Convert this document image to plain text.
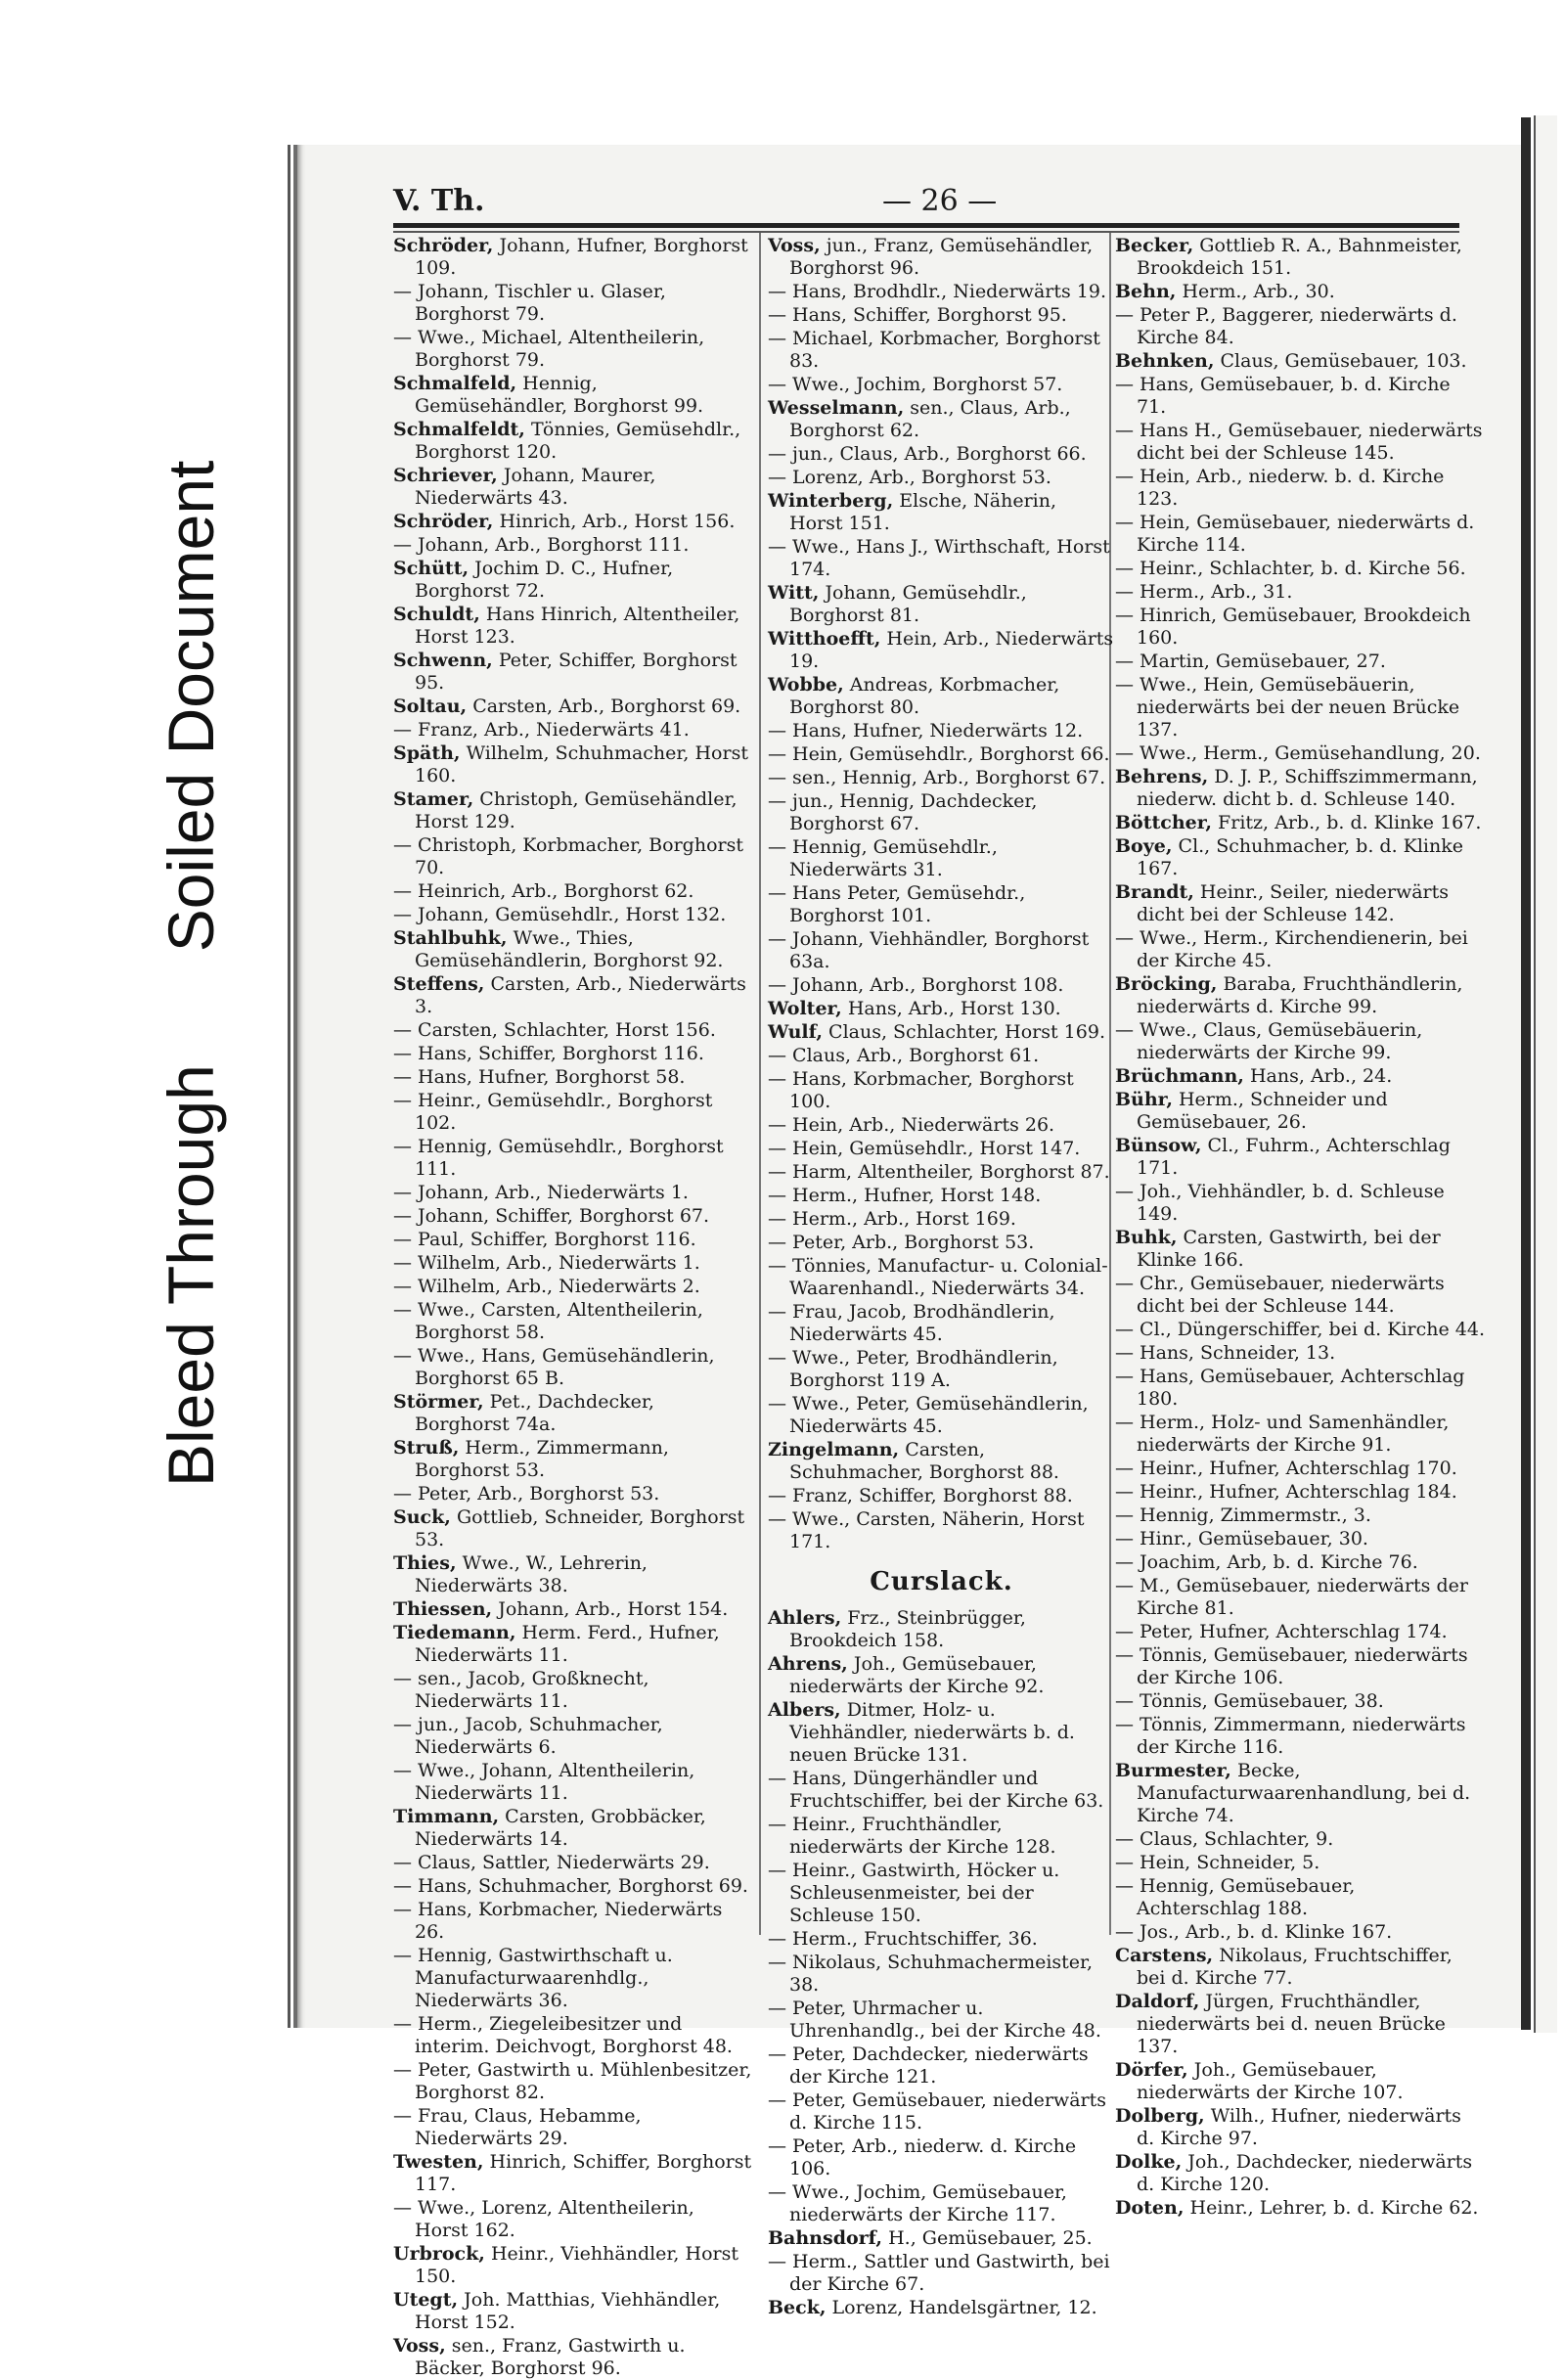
Bleed Through
Soiled Document
V. Th.	— 26 —
Schröder, Johann, Hufner, Borghorst 109.
— Johann, Tischler u. Glaser, Borghorst 79.
— Wwe., Michael, Altentheilerin, Borghorst 79.
Schmalfeld, Hennig, Gemüsehändler, Borghorst 99.
Schmalfeldt, Tönnies, Gemüsehdlr., Borghorst 120.
Schriever, Johann, Maurer, Niederwärts 43.
Schröder, Hinrich, Arb., Horst 156.
— Johann, Arb., Borghorst 111.
Schütt, Jochim D. C., Hufner, Borghorst 72.
Schuldt, Hans Hinrich, Altentheiler, Horst 123.
Schwenn, Peter, Schiffer, Borghorst 95.
Soltau, Carsten, Arb., Borghorst 69.
— Franz, Arb., Niederwärts 41.
Späth, Wilhelm, Schuhmacher, Horst 160.
Stamer, Christoph, Gemüsehändler, Horst 129.
— Christoph, Korbmacher, Borghorst 70.
— Heinrich, Arb., Borghorst 62.
— Johann, Gemüsehdlr., Horst 132.
Stahlbuhk, Wwe., Thies, Gemüsehändlerin, Borghorst 92.
Steffens, Carsten, Arb., Niederwärts 3.
— Carsten, Schlachter, Horst 156.
— Hans, Schiffer, Borghorst 116.
— Hans, Hufner, Borghorst 58.
— Heinr., Gemüsehdlr., Borghorst 102.
— Hennig, Gemüsehdlr., Borghorst 111.
— Johann, Arb., Niederwärts 1.
— Johann, Schiffer, Borghorst 67.
— Paul, Schiffer, Borghorst 116.
— Wilhelm, Arb., Niederwärts 1.
— Wilhelm, Arb., Niederwärts 2.
— Wwe., Carsten, Altentheilerin, Borghorst 58.
— Wwe., Hans, Gemüsehändlerin, Borghorst 65 B.
Störmer, Pet., Dachdecker, Borghorst 74a.
Struß, Herm., Zimmermann, Borghorst 53.
— Peter, Arb., Borghorst 53.
Suck, Gottlieb, Schneider, Borghorst 53.
Thies, Wwe., W., Lehrerin, Niederwärts 38.
Thiessen, Johann, Arb., Horst 154.
Tiedemann, Herm. Ferd., Hufner, Niederwärts 11.
— sen., Jacob, Großknecht, Niederwärts 11.
— jun., Jacob, Schuhmacher, Niederwärts 6.
— Wwe., Johann, Altentheilerin, Niederwärts 11.
Timmann, Carsten, Grobbäcker, Niederwärts 14.
— Claus, Sattler, Niederwärts 29.
— Hans, Schuhmacher, Borghorst 69.
— Hans, Korbmacher, Niederwärts 26.
— Hennig, Gastwirthschaft u. Manufacturwaarenhdlg., Niederwärts 36.
— Herm., Ziegeleibesitzer und interim. Deichvogt, Borghorst 48.
— Peter, Gastwirth u. Mühlenbesitzer, Borghorst 82.
— Frau, Claus, Hebamme, Niederwärts 29.
Twesten, Hinrich, Schiffer, Borghorst 117.
— Wwe., Lorenz, Altentheilerin, Horst 162.
Urbrock, Heinr., Viehhändler, Horst 150.
Utegt, Joh. Matthias, Viehhändler, Horst 152.
Voss, sen., Franz, Gastwirth u. Bäcker, Borghorst 96.
Voss, jun., Franz, Gemüsehändler, Borghorst 96.
— Hans, Brodhdlr., Niederwärts 19.
— Hans, Schiffer, Borghorst 95.
— Michael, Korbmacher, Borghorst 83.
— Wwe., Jochim, Borghorst 57.
Wesselmann, sen., Claus, Arb., Borghorst 62.
— jun., Claus, Arb., Borghorst 66.
— Lorenz, Arb., Borghorst 53.
Winterberg, Elsche, Näherin, Horst 151.
— Wwe., Hans J., Wirthschaft, Horst 174.
Witt, Johann, Gemüsehdlr., Borghorst 81.
Witthoefft, Hein, Arb., Niederwärts 19.
Wobbe, Andreas, Korbmacher, Borghorst 80.
— Hans, Hufner, Niederwärts 12.
— Hein, Gemüsehdlr., Borghorst 66.
— sen., Hennig, Arb., Borghorst 67.
— jun., Hennig, Dachdecker, Borghorst 67.
— Hennig, Gemüsehdlr., Niederwärts 31.
— Hans Peter, Gemüsehdr., Borghorst 101.
— Johann, Viehhändler, Borghorst 63a.
— Johann, Arb., Borghorst 108.
Wolter, Hans, Arb., Horst 130.
Wulf, Claus, Schlachter, Horst 169.
— Claus, Arb., Borghorst 61.
— Hans, Korbmacher, Borghorst 100.
— Hein, Arb., Niederwärts 26.
— Hein, Gemüsehdlr., Horst 147.
— Harm, Altentheiler, Borghorst 87.
— Herm., Hufner, Horst 148.
— Herm., Arb., Horst 169.
— Peter, Arb., Borghorst 53.
— Tönnies, Manufactur- u. Colonial-Waarenhandl., Niederwärts 34.
— Frau, Jacob, Brodhändlerin, Niederwärts 45.
— Wwe., Peter, Brodhändlerin, Borghorst 119 A.
— Wwe., Peter, Gemüsehändlerin, Niederwärts 45.
Zingelmann, Carsten, Schuhmacher, Borghorst 88.
— Franz, Schiffer, Borghorst 88.
— Wwe., Carsten, Näherin, Horst 171.
Curslack.
Ahlers, Frz., Steinbrügger, Brookdeich 158.
Ahrens, Joh., Gemüsebauer, niederwärts der Kirche 92.
Albers, Ditmer, Holz- u. Viehhändler, niederwärts b. d. neuen Brücke 131.
— Hans, Düngerhändler und Fruchtschiffer, bei der Kirche 63.
— Heinr., Fruchthändler, niederwärts der Kirche 128.
— Heinr., Gastwirth, Höcker u. Schleusenmeister, bei der Schleuse 150.
— Herm., Fruchtschiffer, 36.
— Nikolaus, Schuhmachermeister, 38.
— Peter, Uhrmacher u. Uhrenhandlg., bei der Kirche 48.
— Peter, Dachdecker, niederwärts der Kirche 121.
— Peter, Gemüsebauer, niederwärts d. Kirche 115.
— Peter, Arb., niederw. d. Kirche 106.
— Wwe., Jochim, Gemüsebauer, niederwärts der Kirche 117.
Bahnsdorf, H., Gemüsebauer, 25.
— Herm., Sattler und Gastwirth, bei der Kirche 67.
Beck, Lorenz, Handelsgärtner, 12.
Becker, Gottlieb R. A., Bahnmeister, Brookdeich 151.
Behn, Herm., Arb., 30.
— Peter P., Baggerer, niederwärts d. Kirche 84.
Behnken, Claus, Gemüsebauer, 103.
— Hans, Gemüsebauer, b. d. Kirche 71.
— Hans H., Gemüsebauer, niederwärts dicht bei der Schleuse 145.
— Hein, Arb., niederw. b. d. Kirche 123.
— Hein, Gemüsebauer, niederwärts d. Kirche 114.
— Heinr., Schlachter, b. d. Kirche 56.
— Herm., Arb., 31.
— Hinrich, Gemüsebauer, Brookdeich 160.
— Martin, Gemüsebauer, 27.
— Wwe., Hein, Gemüsebäuerin, niederwärts bei der neuen Brücke 137.
— Wwe., Herm., Gemüsehandlung, 20.
Behrens, D. J. P., Schiffszimmermann, niederw. dicht b. d. Schleuse 140.
Böttcher, Fritz, Arb., b. d. Klinke 167.
Boye, Cl., Schuhmacher, b. d. Klinke 167.
Brandt, Heinr., Seiler, niederwärts dicht bei der Schleuse 142.
— Wwe., Herm., Kirchendienerin, bei der Kirche 45.
Bröcking, Baraba, Fruchthändlerin, niederwärts d. Kirche 99.
— Wwe., Claus, Gemüsebäuerin, niederwärts der Kirche 99.
Brüchmann, Hans, Arb., 24.
Bühr, Herm., Schneider und Gemüsebauer, 26.
Bünsow, Cl., Fuhrm., Achterschlag 171.
— Joh., Viehhändler, b. d. Schleuse 149.
Buhk, Carsten, Gastwirth, bei der Klinke 166.
— Chr., Gemüsebauer, niederwärts dicht bei der Schleuse 144.
— Cl., Düngerschiffer, bei d. Kirche 44.
— Hans, Schneider, 13.
— Hans, Gemüsebauer, Achterschlag 180.
— Herm., Holz- und Samenhändler, niederwärts der Kirche 91.
— Heinr., Hufner, Achterschlag 170.
— Heinr., Hufner, Achterschlag 184.
— Hennig, Zimmermstr., 3.
— Hinr., Gemüsebauer, 30.
— Joachim, Arb, b. d. Kirche 76.
— M., Gemüsebauer, niederwärts der Kirche 81.
— Peter, Hufner, Achterschlag 174.
— Tönnis, Gemüsebauer, niederwärts der Kirche 106.
— Tönnis, Gemüsebauer, 38.
— Tönnis, Zimmermann, niederwärts der Kirche 116.
Burmester, Becke, Manufacturwaarenhandlung, bei d. Kirche 74.
— Claus, Schlachter, 9.
— Hein, Schneider, 5.
— Hennig, Gemüsebauer, Achterschlag 188.
— Jos., Arb., b. d. Klinke 167.
Carstens, Nikolaus, Fruchtschiffer, bei d. Kirche 77.
Daldorf, Jürgen, Fruchthändler, niederwärts bei d. neuen Brücke 137.
Dörfer, Joh., Gemüsebauer, niederwärts der Kirche 107.
Dolberg, Wilh., Hufner, niederwärts d. Kirche 97.
Dolke, Joh., Dachdecker, niederwärts d. Kirche 120.
Doten, Heinr., Lehrer, b. d. Kirche 62.
